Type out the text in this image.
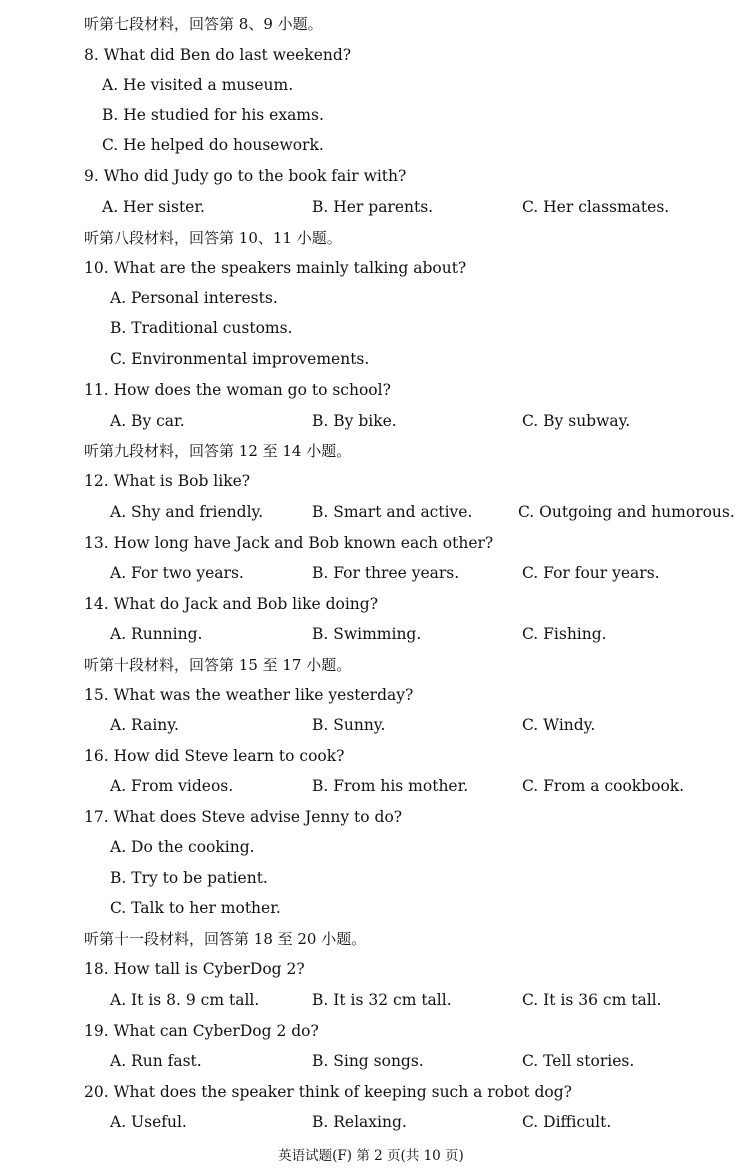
听第七段材料，回答第 8、9 小题。
8. What did Ben do last weekend?
A. He visited a museum.
B. He studied for his exams.
C. He helped do housework.
9. Who did Judy go to the book fair with?
A. Her sister.	B. Her parents.	C. Her classmates.
听第八段材料，回答第 10、11 小题。
10. What are the speakers mainly talking about?
A. Personal interests.
B. Traditional customs.
C. Environmental improvements.
11. How does the woman go to school?
A. By car.	B. By bike.	C. By subway.
听第九段材料，回答第 12 至 14 小题。
12. What is Bob like?
A. Shy and friendly.	B. Smart and active.	C. Outgoing and humorous.
13. How long have Jack and Bob known each other?
A. For two years.	B. For three years.	C. For four years.
14. What do Jack and Bob like doing?
A. Running.	B. Swimming.	C. Fishing.
听第十段材料，回答第 15 至 17 小题。
15. What was the weather like yesterday?
A. Rainy.	B. Sunny.	C. Windy.
16. How did Steve learn to cook?
A. From videos.	B. From his mother.	C. From a cookbook.
17. What does Steve advise Jenny to do?
A. Do the cooking.
B. Try to be patient.
C. Talk to her mother.
听第十一段材料，回答第 18 至 20 小题。
18. How tall is CyberDog 2?
A. It is 8. 9 cm tall.	B. It is 32 cm tall.	C. It is 36 cm tall.
19. What can CyberDog 2 do?
A. Run fast.	B. Sing songs.	C. Tell stories.
20. What does the speaker think of keeping such a robot dog?
A. Useful.	B. Relaxing.	C. Difficult.
英语试题(F) 第 2 页(共 10 页)
